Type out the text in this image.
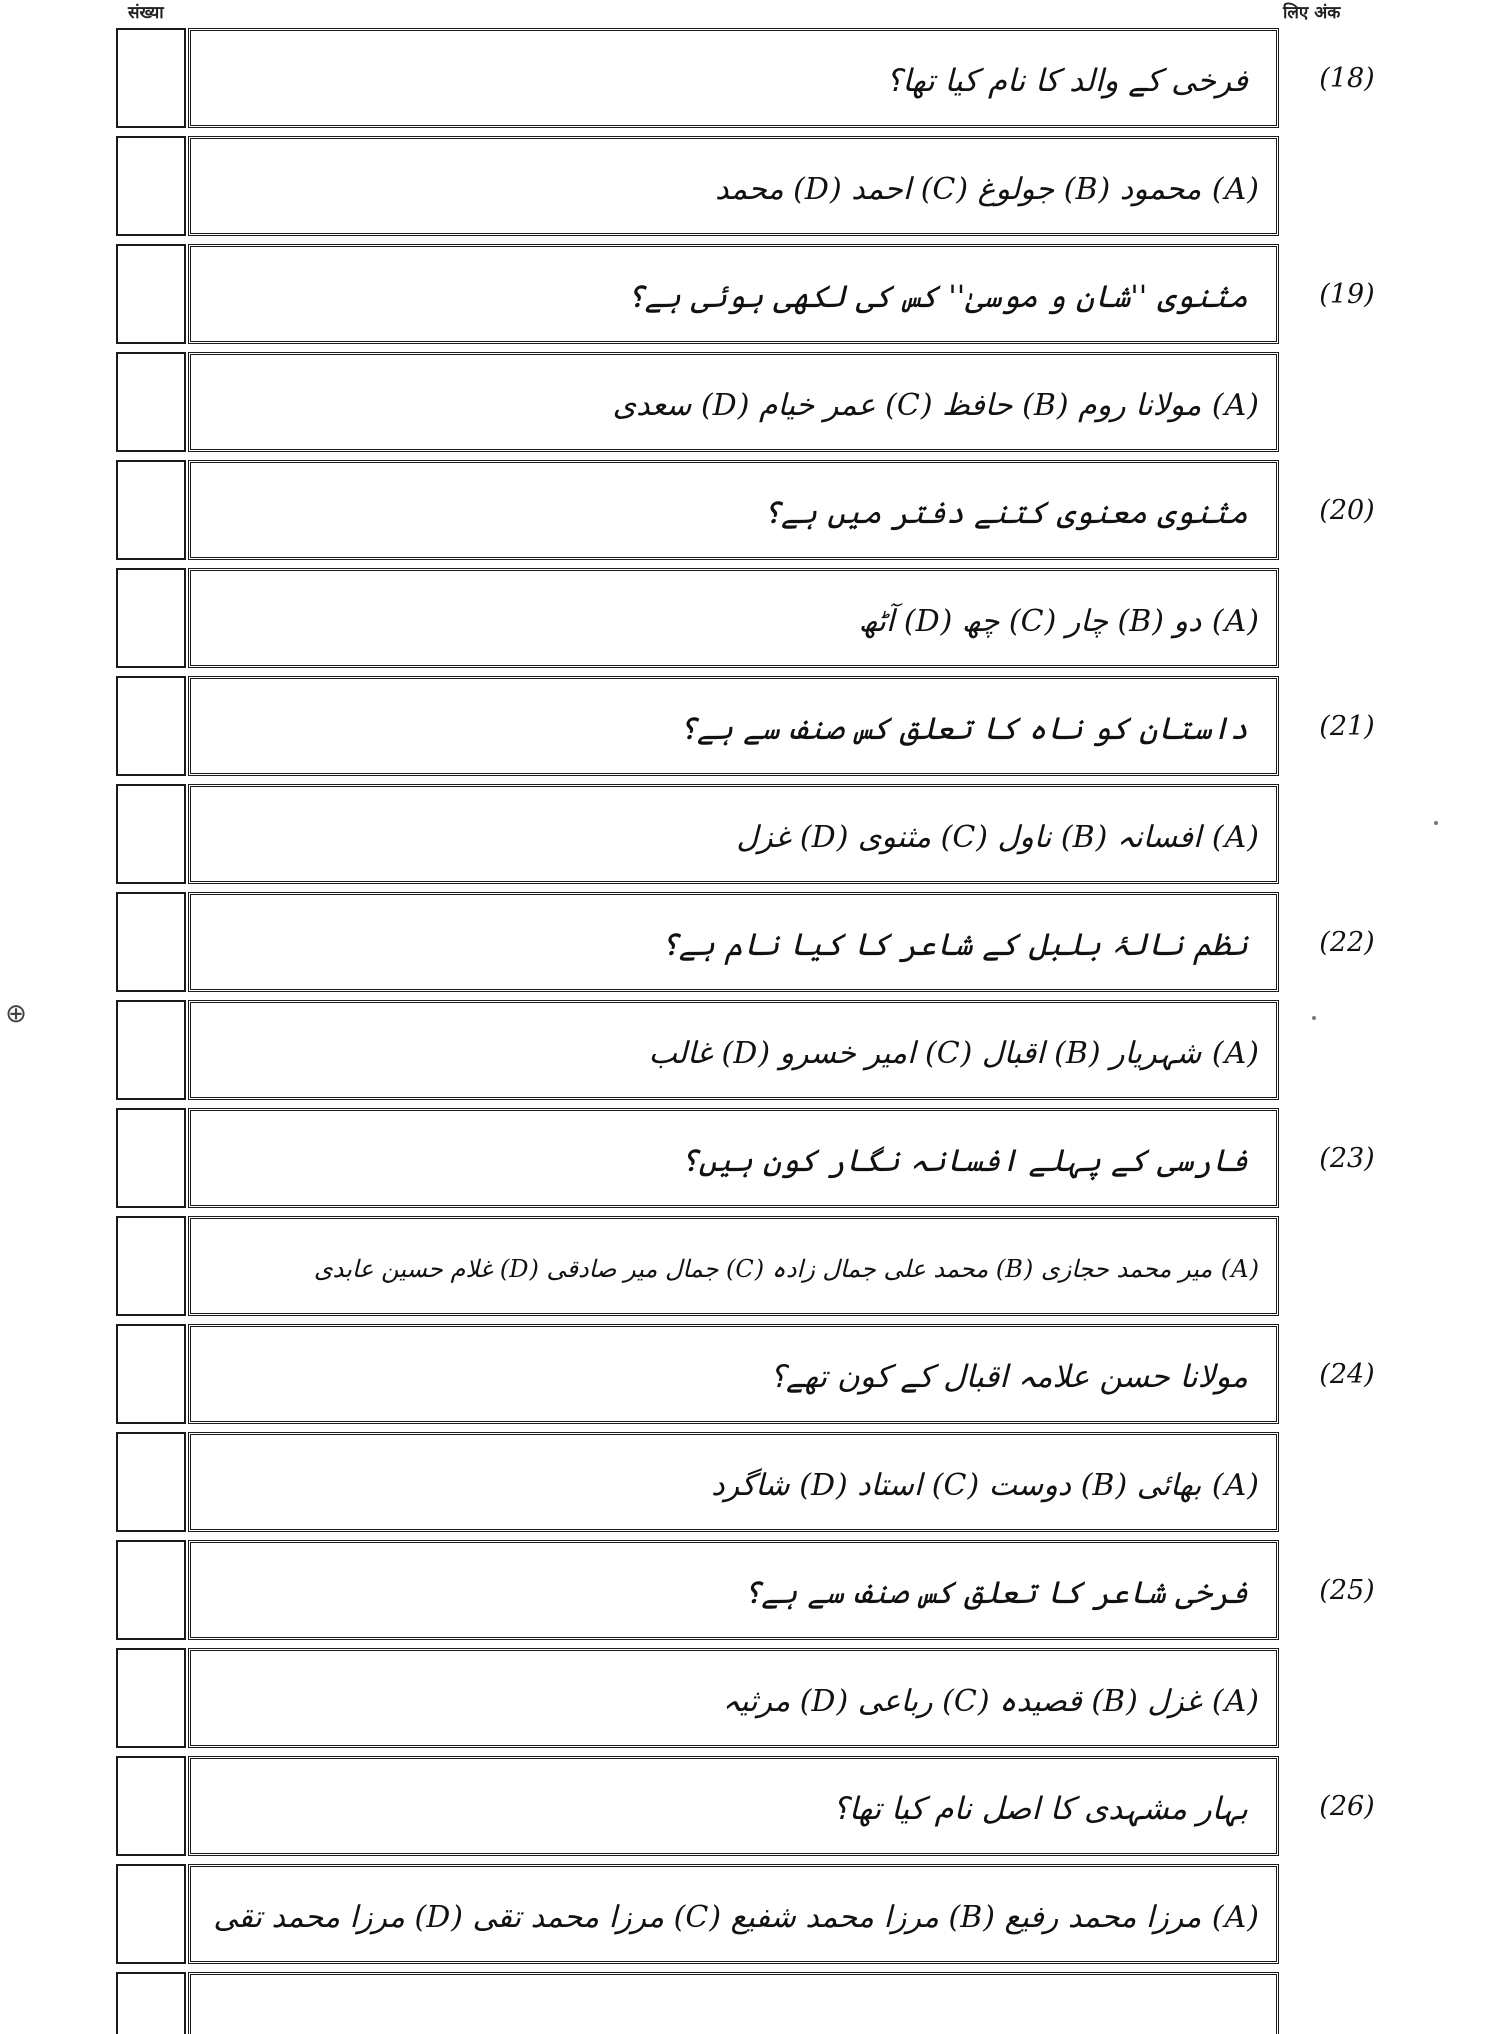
संख्या	लिए अंक
⊕
فرخی کے والد کا نام کیا تھا؟	(18)
(A) محمود (B) جولوغ (C) احمد (D) محمد
مثنوی ''شان و موسیٰ'' کس کی لکھی ہوئی ہے؟	(19)
(A) مولانا روم (B) حافظ (C) عمر خیام (D) سعدی
مثنوی معنوی کتنے دفتر میں ہے؟	(20)
(A) دو (B) چار (C) چھ (D) آٹھ
داستان کو ناہ کا تعلق کس صنف سے ہے؟	(21)
(A) افسانہ (B) ناول (C) مثنوی (D) غزل
نظم نالۂ بلبل کے شاعر کا کیا نام ہے؟	(22)
(A) شہریار (B) اقبال (C) امیر خسرو (D) غالب
فارسی کے پہلے افسانہ نگار کون ہیں؟	(23)
(A) میر محمد حجازی (B) محمد علی جمال زادہ (C) جمال میر صادقی (D) غلام حسین عابدی
مولانا حسن علامہ اقبال کے کون تھے؟	(24)
(A) بھائی (B) دوست (C) استاد (D) شاگرد
فرخی شاعر کا تعلق کس صنف سے ہے؟	(25)
(A) غزل (B) قصیدہ (C) رباعی (D) مرثیہ
بہار مشہدی کا اصل نام کیا تھا؟	(26)
(A) مرزا محمد رفیع (B) مرزا محمد شفیع (C) مرزا محمد تقی (D) مرزا محمد تقی
